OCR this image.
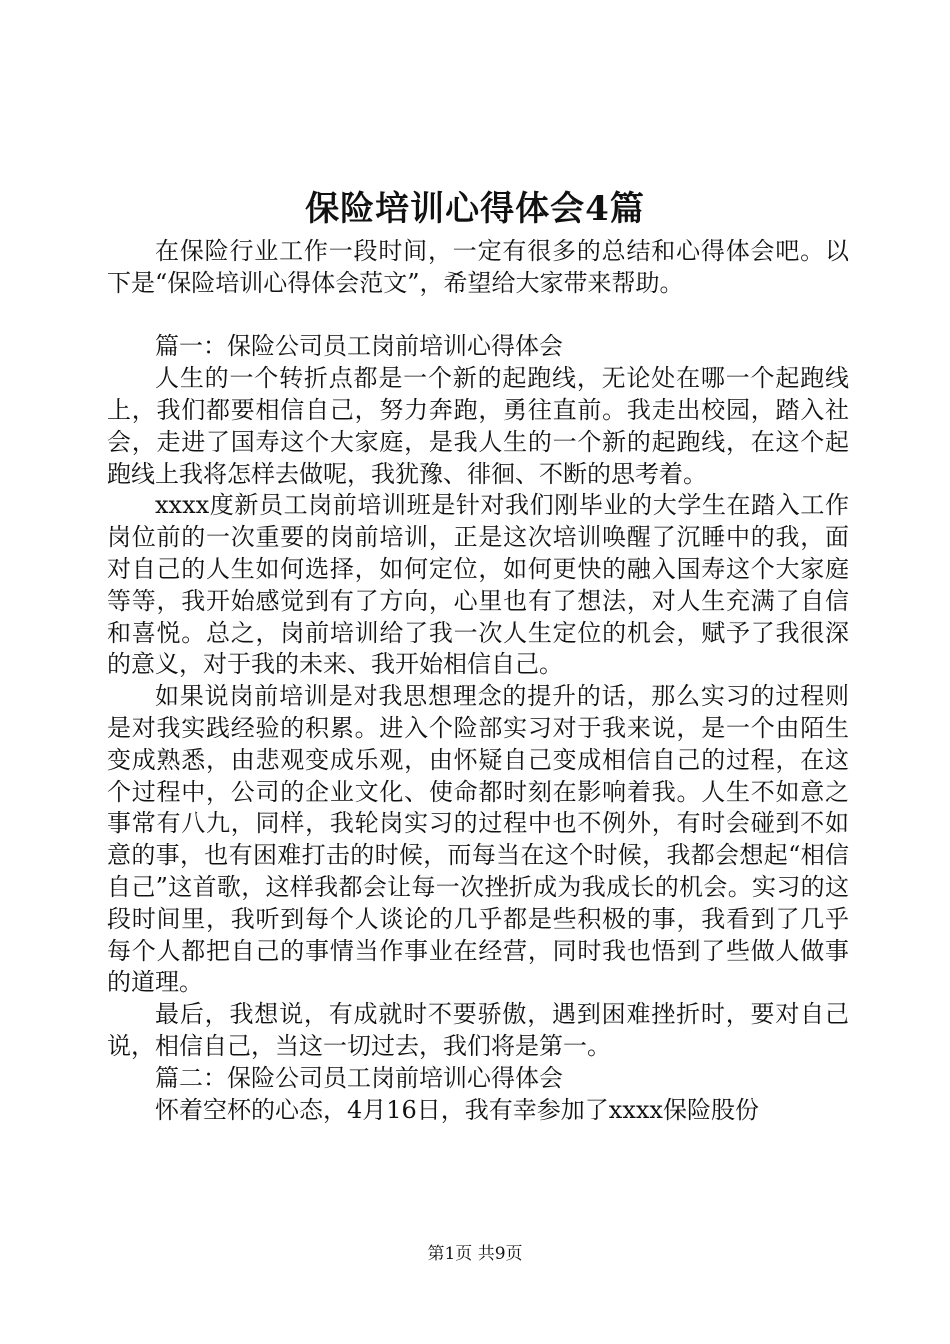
保险培训心得体会4篇

在保险行业工作一段时间，一定有很多的总结和心得体会吧。以下是“保险培训心得体会范文”，希望给大家带来帮助。

篇一：保险公司员工岗前培训心得体会

人生的一个转折点都是一个新的起跑线，无论处在哪一个起跑线上，我们都要相信自己，努力奔跑，勇往直前。我走出校园，踏入社会，走进了国寿这个大家庭，是我人生的一个新的起跑线，在这个起跑线上我将怎样去做呢，我犹豫、徘徊、不断的思考着。

xxxx度新员工岗前培训班是针对我们刚毕业的大学生在踏入工作岗位前的一次重要的岗前培训，正是这次培训唤醒了沉睡中的我，面对自己的人生如何选择，如何定位，如何更快的融入国寿这个大家庭等等，我开始感觉到有了方向，心里也有了想法，对人生充满了自信和喜悦。总之，岗前培训给了我一次人生定位的机会，赋予了我很深的意义，对于我的未来、我开始相信自己。

如果说岗前培训是对我思想理念的提升的话，那么实习的过程则是对我实践经验的积累。进入个险部实习对于我来说，是一个由陌生变成熟悉，由悲观变成乐观，由怀疑自己变成相信自己的过程，在这个过程中，公司的企业文化、使命都时刻在影响着我。人生不如意之事常有八九，同样，我轮岗实习的过程中也不例外，有时会碰到不如意的事，也有困难打击的时候，而每当在这个时候，我都会想起“相信自己”这首歌，这样我都会让每一次挫折成为我成长的机会。实习的这段时间里，我听到每个人谈论的几乎都是些积极的事，我看到了几乎每个人都把自己的事情当作事业在经营，同时我也悟到了些做人做事的道理。

最后，我想说，有成就时不要骄傲，遇到困难挫折时，要对自己说，相信自己，当这一切过去，我们将是第一。

篇二：保险公司员工岗前培训心得体会

怀着空杯的心态，4月16日，我有幸参加了xxxx保险股份

第1页 共9页
